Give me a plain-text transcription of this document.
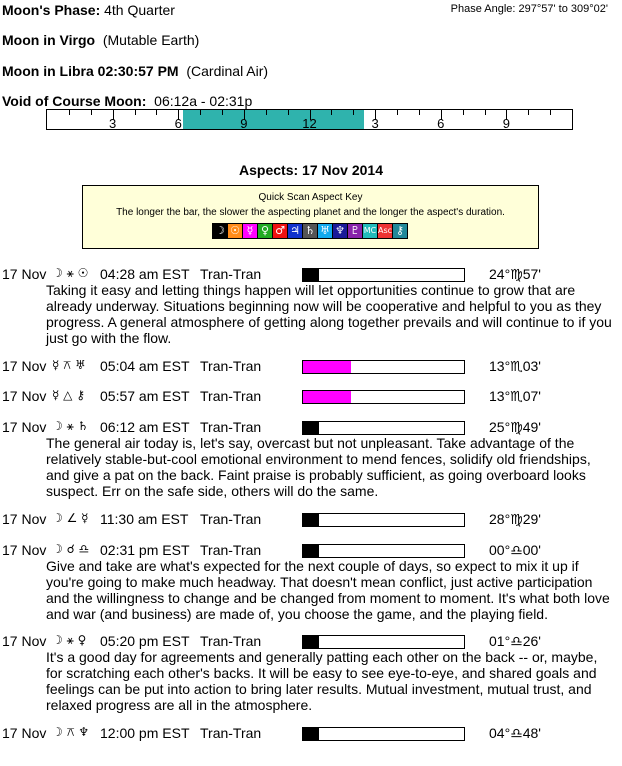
Moon's Phase: 4th Quarter	Phase Angle: 297°57' to 309°02'
Moon in Virgo (Mutable Earth)
Moon in Libra 02:30:57 PM (Cardinal Air)
Void of Course Moon: 06:12a - 02:31p
3	6	9	12	3	6	9
Aspects: 17 Nov 2014
Quick Scan Aspect Key
The longer the bar, the slower the aspecting planet and the longer the aspect's duration.
☽ ☉ ☿ ♀ ♂ ♃ ♄ ♅ ♆ ♇ MC Asc ⚷
17 Nov ☽ ⚹ ☉ 04:28 am EST Tran-Tran	24°♍57'
Taking it easy and letting things happen will let opportunities continue to grow that are already underway. Situations beginning now will be cooperative and helpful to you as they progress. A general atmosphere of getting along together prevails and will continue to if you just go with the flow.
17 Nov ☿ ⚻ ♅ 05:04 am EST Tran-Tran	13°♏03'
17 Nov ☿ △ ⚷ 05:57 am EST Tran-Tran	13°♏07'
17 Nov ☽ ⚹ ♄ 06:12 am EST Tran-Tran	25°♍49'
The general air today is, let's say, overcast but not unpleasant. Take advantage of the relatively stable-but-cool emotional environment to mend fences, solidify old friendships, and give a pat on the back. Faint praise is probably sufficient, as going overboard looks suspect. Err on the safe side, others will do the same.
17 Nov ☽ ∠ ☿ 11:30 am EST Tran-Tran	28°♍29'
17 Nov ☽ ☌ ♎ 02:31 pm EST Tran-Tran	00°♎00'
Give and take are what's expected for the next couple of days, so expect to mix it up if you're going to make much headway. That doesn't mean conflict, just active participation and the willingness to change and be changed from moment to moment. It's what both love and war (and business) are made of, you choose the game, and the playing field.
17 Nov ☽ ⚹ ♀ 05:20 pm EST Tran-Tran	01°♎26'
It's a good day for agreements and generally patting each other on the back -- or, maybe, for scratching each other's backs. It will be easy to see eye-to-eye, and shared goals and feelings can be put into action to bring later results. Mutual investment, mutual trust, and relaxed progress are all in the atmosphere.
17 Nov ☽ ⚻ ♆ 12:00 pm EST Tran-Tran	04°♎48'
